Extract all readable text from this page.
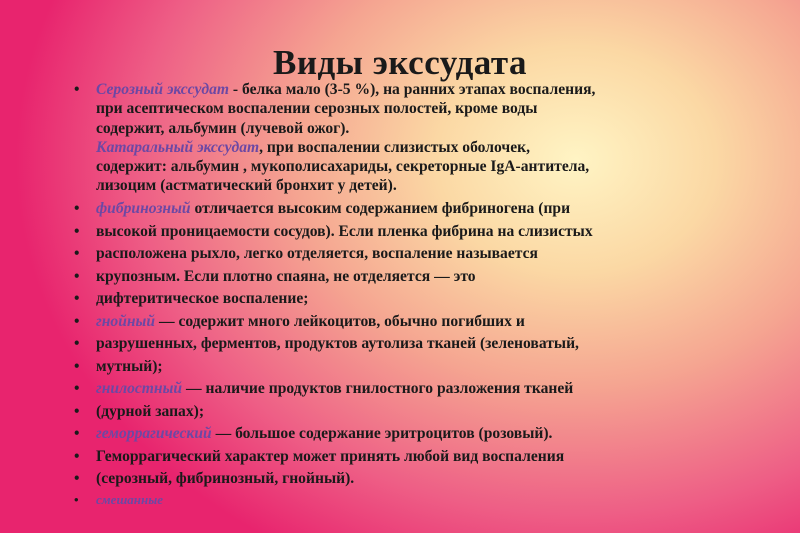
Виды экссудата
• Серозный экссудат - белка мало (3-5 %), на ранних этапах воспаления,
при асептическом воспалении серозных полостей, кроме воды
содержит, альбумин (лучевой ожог).
Катаральный экссудат, при воспалении слизистых оболочек,
содержит: альбумин , мукополисахариды, секреторные IgA-антитела,
лизоцим (астматический бронхит у детей).
• фибринозный отличается высоким содержанием фибриногена (при
• высокой проницаемости сосудов). Если пленка фибрина на слизистых
• расположена рыхло, легко отделяется, воспаление называется
• крупозным. Если плотно спаяна, не отделяется — это
• дифтеритическое воспаление;
• гнойный — содержит много лейкоцитов, обычно погибших и
• разрушенных, ферментов, продуктов аутолиза тканей (зеленоватый,
• мутный);
• гнилостный — наличие продуктов гнилостного разложения тканей
• (дурной запах);
• геморрагический — большое содержание эритроцитов (розовый).
• Геморрагический характер может принять любой вид воспаления
• (серозный, фибринозный, гнойный).
• смешанные
